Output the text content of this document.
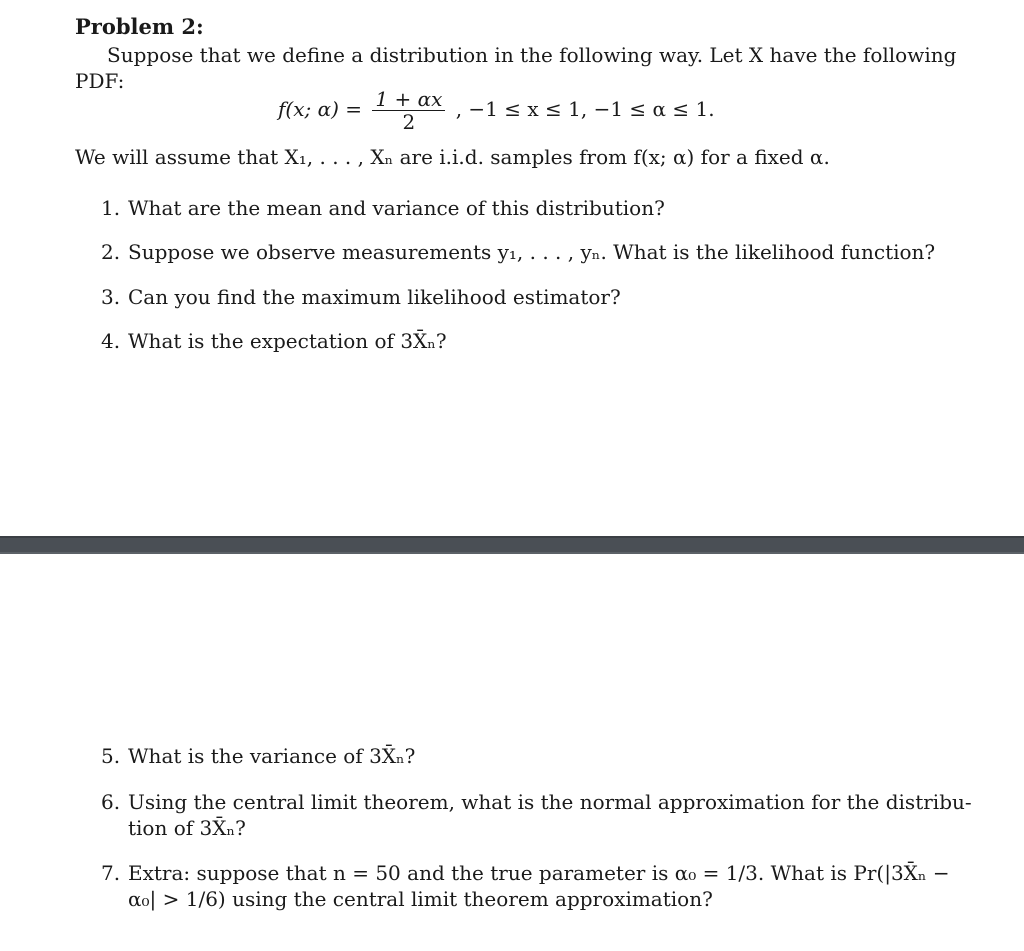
Problem 2:
Suppose that we define a distribution in the following way. Let X have the following
PDF:
f(x; $\alpha) = \frac{1 + \alpha x}{2}$ , −1 ≤ x ≤ 1, −1 ≤ α ≤ 1.
We will assume that X₁, . . . , Xₙ are i.i.d. samples from f(x; α) for a fixed α.
1. What are the mean and variance of this distribution?
2. Suppose we observe measurements y₁, . . . , yₙ. What is the likelihood function?
3. Can you find the maximum likelihood estimator?
4. What is the expectation of 3X̄ₙ?
5. What is the variance of 3X̄ₙ?
6. Using the central limit theorem, what is the normal approximation for the distribu-
tion of 3X̄ₙ?
7. Extra: suppose that n = 50 and the true parameter is α₀ = 1/3. What is Pr(|3X̄ₙ −
α₀| > 1/6) using the central limit theorem approximation?
